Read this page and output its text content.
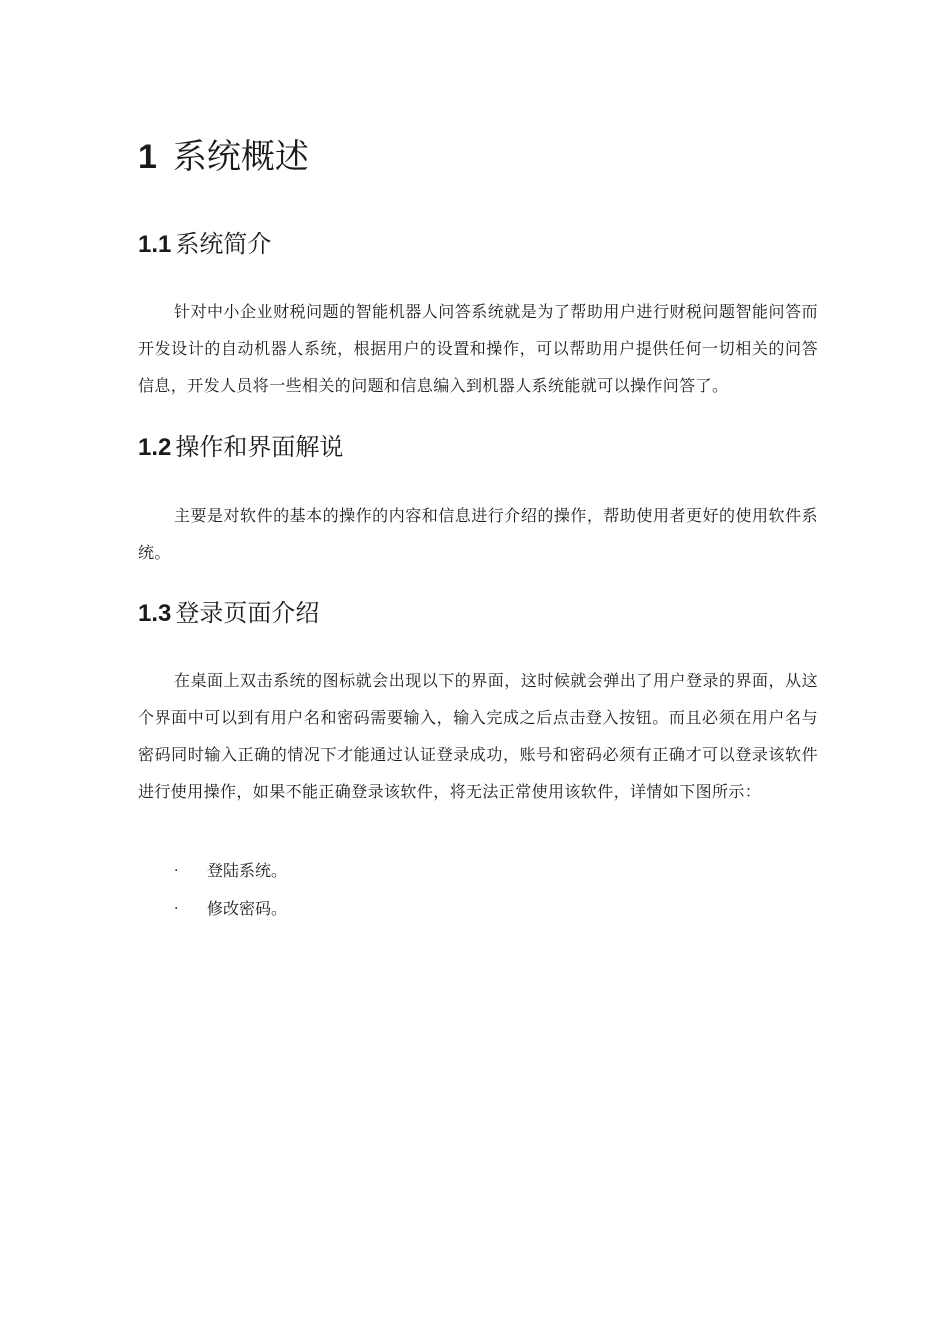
1 系统概述
1.1 系统简介

针对中小企业财税问题的智能机器人问答系统就是为了帮助用户进行财税问题智能问答而开发设计的自动机器人系统，根据用户的设置和操作，可以帮助用户提供任何一切相关的问答信息，开发人员将一些相关的问题和信息编入到机器人系统能就可以操作问答了。

1.2 操作和界面解说

主要是对软件的基本的操作的内容和信息进行介绍的操作，帮助使用者更好的使用软件系统。

1.3 登录页面介绍

在桌面上双击系统的图标就会出现以下的界面，这时候就会弹出了用户登录的界面，从这个界面中可以到有用户名和密码需要输入，输入完成之后点击登入按钮。而且必须在用户名与密码同时输入正确的情况下才能通过认证登录成功，账号和密码必须有正确才可以登录该软件进行使用操作，如果不能正确登录该软件，将无法正常使用该软件，详情如下图所示：

· 登陆系统。
· 修改密码。
